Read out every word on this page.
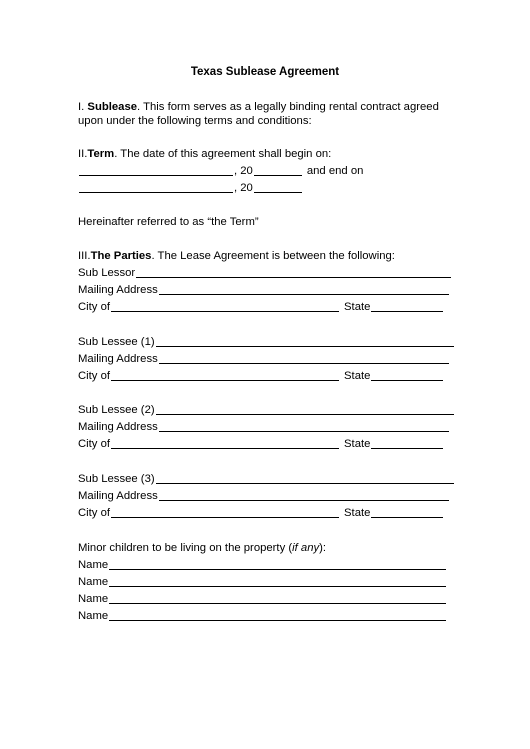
Texas Sublease Agreement
I. Sublease. This form serves as a legally binding rental contract agreed upon under the following terms and conditions:
II. Term . The date of this agreement shall begin on:
, 20	and end on
, 20
Hereinafter referred to as “the Term”
III. The Parties . The Lease Agreement is between the following:
Sub Lessor
Mailing Address
City of	State
Sub Lessee (1)
Mailing Address
City of	State
Sub Lessee (2)
Mailing Address
City of	State
Sub Lessee (3)
Mailing Address
City of	State
Minor children to be living on the property ( if any ):
Name
Name
Name
Name
